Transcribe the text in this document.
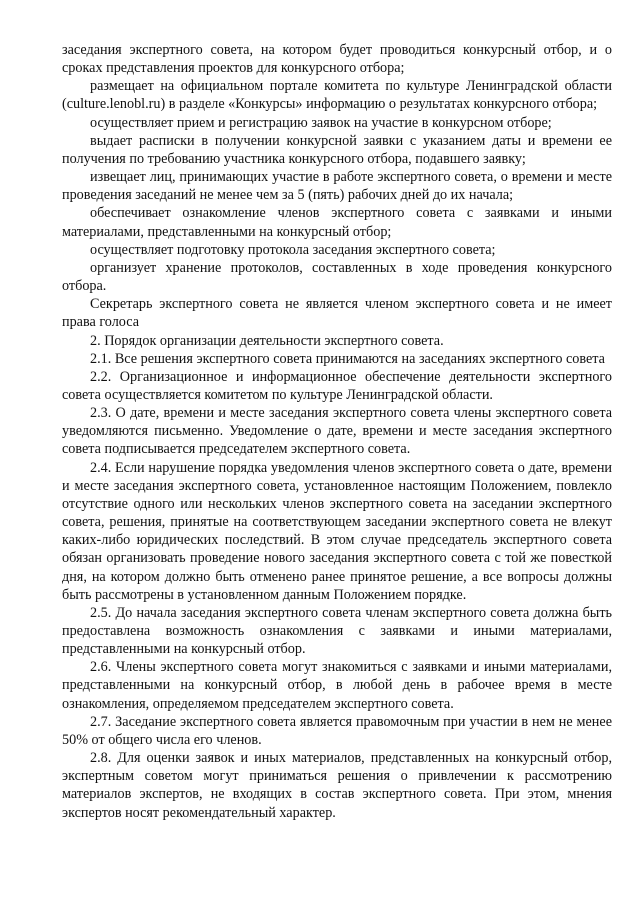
заседания экспертного совета, на котором будет проводиться конкурсный отбор, и о сроках представления проектов для конкурсного отбора;

размещает на официальном портале комитета по культуре Ленинградской области (culture.lenobl.ru) в разделе «Конкурсы» информацию о результатах конкурсного отбора;

осуществляет прием и регистрацию заявок на участие в конкурсном отборе;

выдает расписки в получении конкурсной заявки с указанием даты и времени ее получения по требованию участника конкурсного отбора, подавшего заявку;

извещает лиц, принимающих участие в работе экспертного совета, о времени и месте проведения заседаний не менее чем за 5 (пять) рабочих дней до их начала;

обеспечивает ознакомление членов экспертного совета с заявками и иными материалами, представленными на конкурсный отбор;

осуществляет подготовку протокола заседания экспертного совета;

организует хранение протоколов, составленных в ходе проведения конкурсного отбора.

Секретарь экспертного совета не является членом экспертного совета и не имеет права голоса

2. Порядок организации деятельности экспертного совета.

2.1. Все решения экспертного совета принимаются на заседаниях экспертного совета

2.2. Организационное и информационное обеспечение деятельности экспертного совета осуществляется комитетом по культуре Ленинградской области.

2.3. О дате, времени и месте заседания экспертного совета члены экспертного совета уведомляются письменно. Уведомление о дате, времени и месте заседания экспертного совета подписывается председателем экспертного совета.

2.4. Если нарушение порядка уведомления членов экспертного совета о дате, времени и месте заседания экспертного совета, установленное настоящим Положением, повлекло отсутствие одного или нескольких членов экспертного совета на заседании экспертного совета, решения, принятые на соответствующем заседании экспертного совета не влекут каких-либо юридических последствий. В этом случае председатель экспертного совета обязан организовать проведение нового заседания экспертного совета с той же повесткой дня, на котором должно быть отменено ранее принятое решение, а все вопросы должны быть рассмотрены в установленном данным Положением порядке.

2.5. До начала заседания экспертного совета членам экспертного совета должна быть предоставлена возможность ознакомления с заявками и иными материалами, представленными на конкурсный отбор.

2.6. Члены экспертного совета могут знакомиться с заявками и иными материалами, представленными на конкурсный отбор, в любой день в рабочее время в месте ознакомления, определяемом председателем экспертного совета.

2.7. Заседание экспертного совета является правомочным при участии в нем не менее 50% от общего числа его членов.

2.8. Для оценки заявок и иных материалов, представленных на конкурсный отбор, экспертным советом могут приниматься решения о привлечении к рассмотрению материалов экспертов, не входящих в состав экспертного совета. При этом, мнения экспертов носят рекомендательный характер.
